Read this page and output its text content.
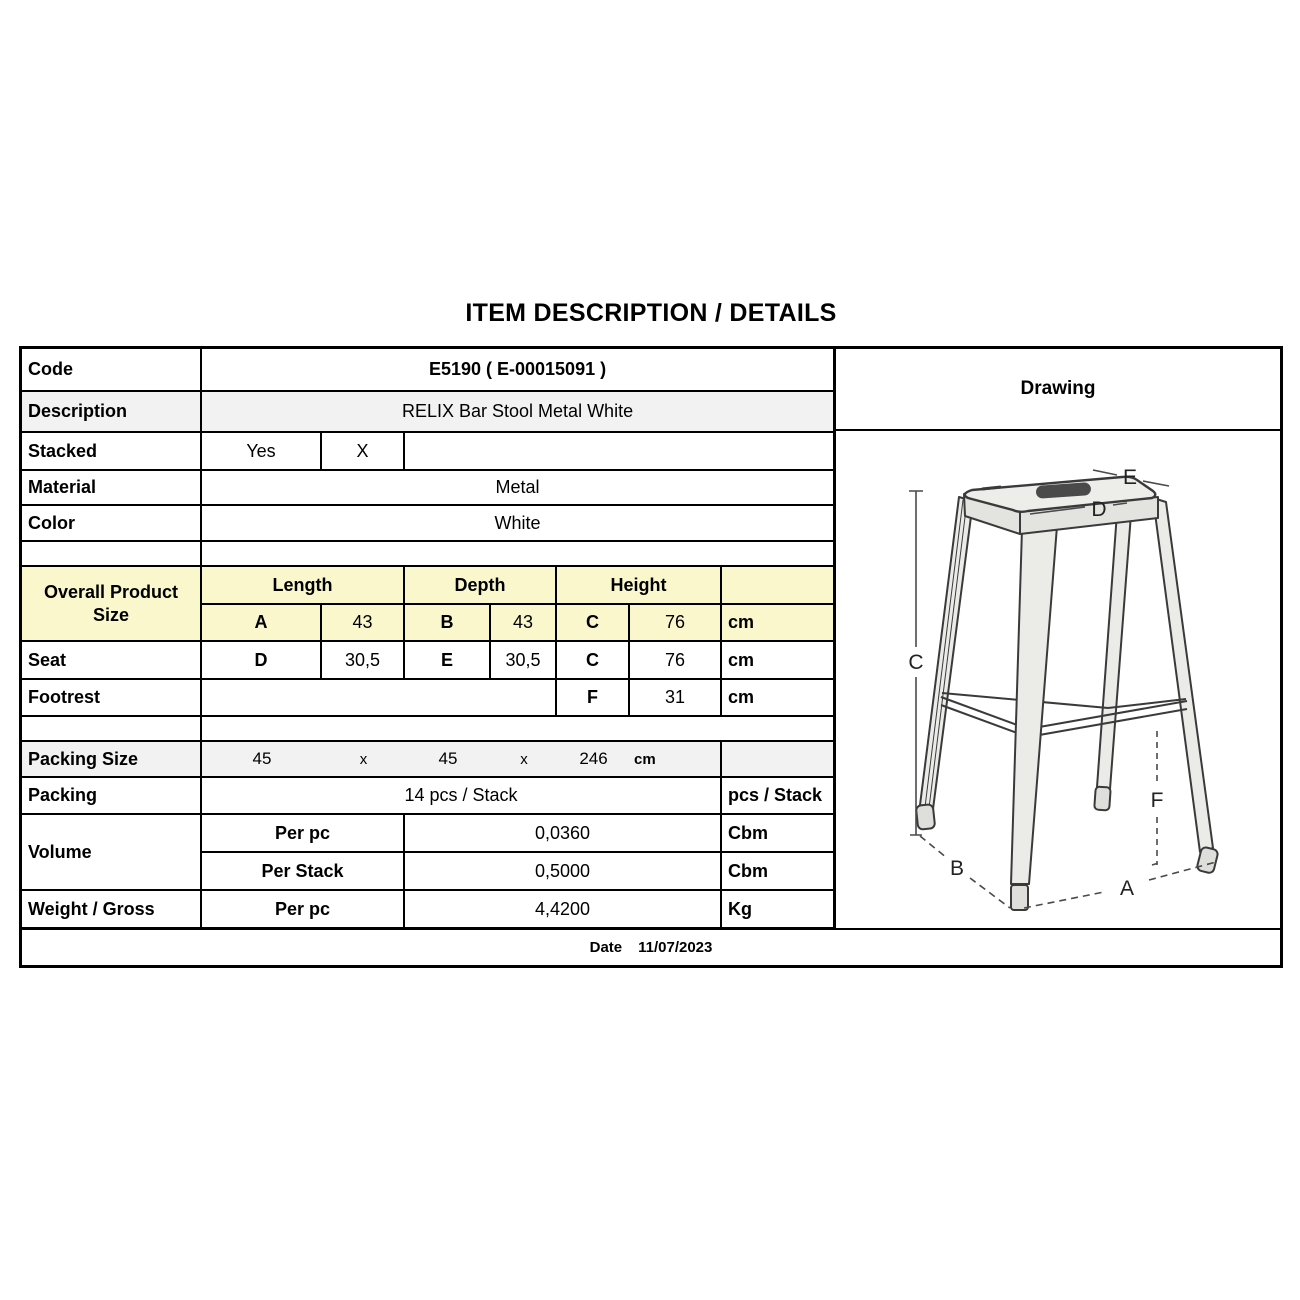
ITEM DESCRIPTION / DETAILS
Code	E5190 ( E-00015091 )						
Description	RELIX Bar Stool Metal White						
Stacked	Yes	X					
Material	Metal						
Color	White						

Overall Product Size	Length		Depth		Height		
	A	43	B	43	C	76	cm
Seat	D	30,5	E	30,5	C	76	cm
Footrest					F	31	cm

Packing Size	45	x	45	x	246	cm

Packing	14 pcs / Stack						pcs / Stack
Volume	Per pc		0,0360				Cbm
	Per Stack		0,5000				Cbm
Weight / Gross	Per pc		4,4200				Kg
Drawing
C
E
D
F
B
A
Date 11/07/2023
